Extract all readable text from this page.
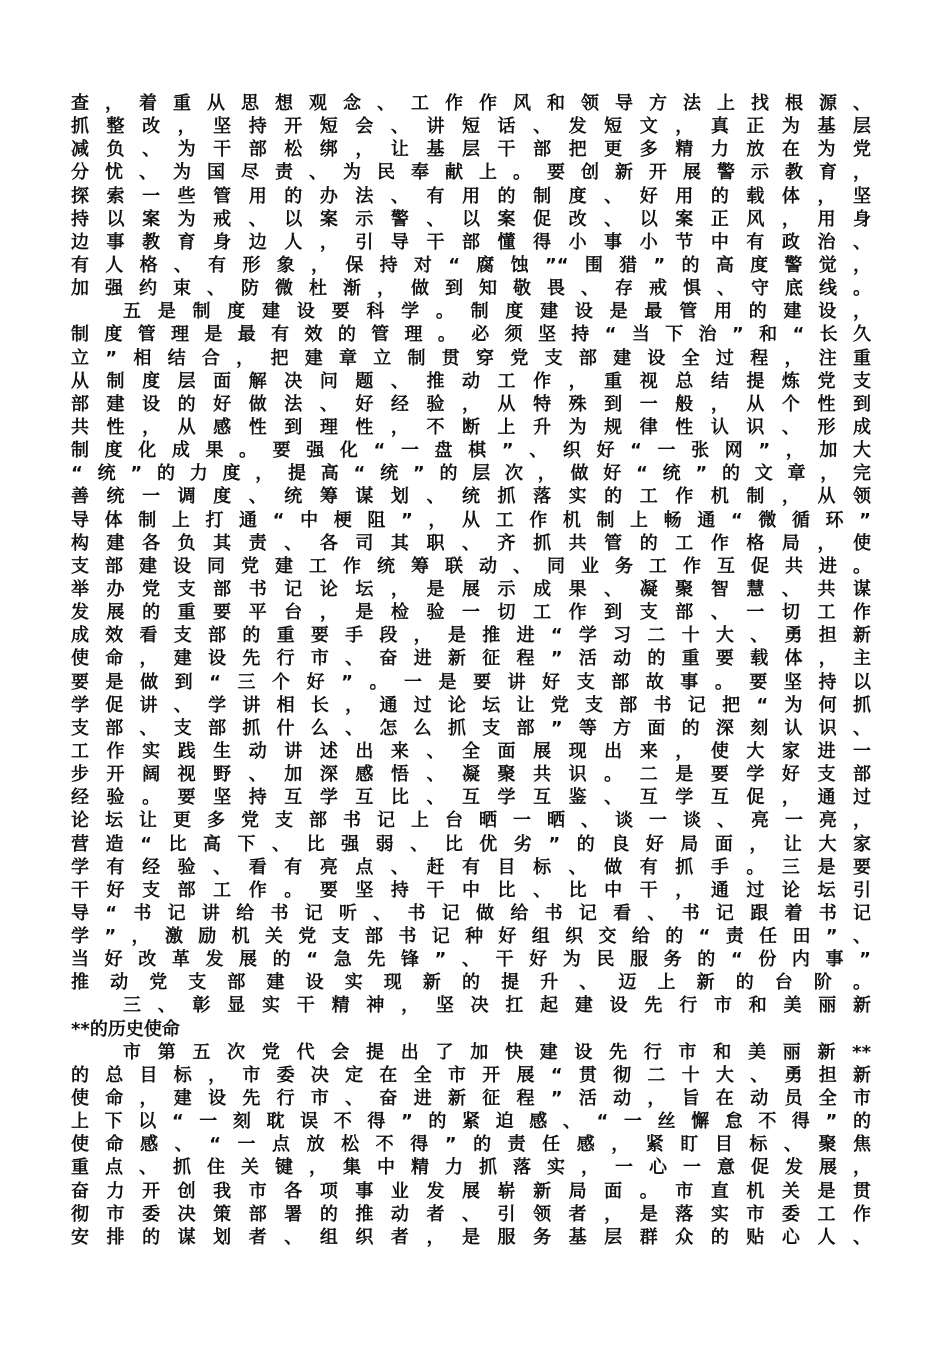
查，着重从思想观念、工作作风和领导方法上找根源、
抓整改，坚持开短会、讲短话、发短文，真正为基层
减负、为干部松绑，让基层干部把更多精力放在为党
分忧、为国尽责、为民奉献上。要创新开展警示教育，
探索一些管用的办法、有用的制度、好用的载体，坚
持以案为戒、以案示警、以案促改、以案正风，用身
边事教育身边人，引导干部懂得小事小节中有政治、
有人格、有形象，保持对“腐蚀”“围猎”的高度警觉，
加强约束、防微杜渐，做到知敬畏、存戒惧、守底线。
五是制度建设要科学。制度建设是最管用的建设，
制度管理是最有效的管理。必须坚持“当下治”和“长久
立”相结合，把建章立制贯穿党支部建设全过程，注重
从制度层面解决问题、推动工作，重视总结提炼党支
部建设的好做法、好经验，从特殊到一般，从个性到
共性，从感性到理性，不断上升为规律性认识、形成
制度化成果。要强化“一盘棋”、织好“一张网”，加大
“统”的力度，提高“统”的层次，做好“统”的文章，完
善统一调度、统筹谋划、统抓落实的工作机制，从领
导体制上打通“中梗阻”，从工作机制上畅通“微循环”
构建各负其责、各司其职、齐抓共管的工作格局，使
支部建设同党建工作统筹联动、同业务工作互促共进。
举办党支部书记论坛，是展示成果、凝聚智慧、共谋
发展的重要平台，是检验一切工作到支部、一切工作
成效看支部的重要手段，是推进“学习二十大、勇担新
使命，建设先行市、奋进新征程”活动的重要载体，主
要是做到“三个好”。一是要讲好支部故事。要坚持以
学促讲、学讲相长，通过论坛让党支部书记把“为何抓
支部、支部抓什么、怎么抓支部”等方面的深刻认识、
工作实践生动讲述出来、全面展现出来，使大家进一
步开阔视野、加深感悟、凝聚共识。二是要学好支部
经验。要坚持互学互比、互学互鉴、互学互促，通过
论坛让更多党支部书记上台晒一晒、谈一谈、亮一亮，
营造“比高下、比强弱、比优劣”的良好局面，让大家
学有经验、看有亮点、赶有目标、做有抓手。三是要
干好支部工作。要坚持干中比、比中干，通过论坛引
导“书记讲给书记听、书记做给书记看、书记跟着书记
学”，激励机关党支部书记种好组织交给的“责任田”、
当好改革发展的“急先锋”、干好为民服务的“份内事”
推动党支部建设实现新的提升、迈上新的台阶。
三、彰显实干精神，坚决扛起建设先行市和美丽新
**的历史使命
市第五次党代会提出了加快建设先行市和美丽新**
的总目标，市委决定在全市开展“贯彻二十大、勇担新
使命，建设先行市、奋进新征程”活动，旨在动员全市
上下以“一刻耽误不得”的紧迫感、“一丝懈怠不得”的
使命感、“一点放松不得”的责任感，紧盯目标、聚焦
重点、抓住关键，集中精力抓落实，一心一意促发展，
奋力开创我市各项事业发展崭新局面。市直机关是贯
彻市委决策部署的推动者、引领者，是落实市委工作
安排的谋划者、组织者，是服务基层群众的贴心人、
